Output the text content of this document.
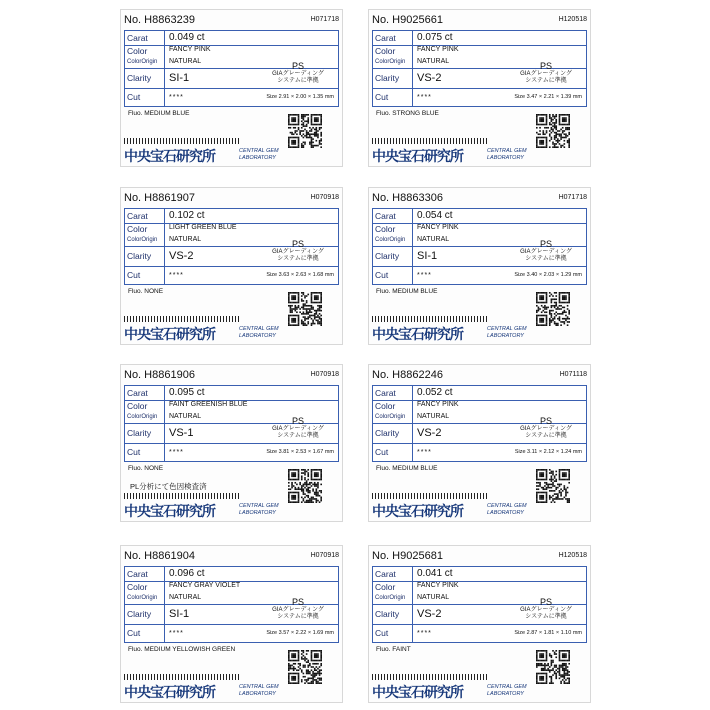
No. H8863239	H071718
Carat	0.049 ct
Color	FANCY PINK
ColorOrigin	NATURAL
Clarity	SI-1
Cut	****
PS
GIAグレーディング
システムに準拠
Size 2.91 × 2.00 × 1.35 mm
Fluo. MEDIUM BLUE
中央宝石研究所	CENTRAL GEM
LABORATORY
No. H9025661	H120518
Carat	0.075 ct
Color	FANCY PINK
ColorOrigin	NATURAL
Clarity	VS-2
Cut	****
PS
GIAグレーディング
システムに準拠
Size 3.47 × 2.21 × 1.39 mm
Fluo. STRONG BLUE
中央宝石研究所	CENTRAL GEM
LABORATORY
No. H8861907	H070918
Carat	0.102 ct
Color	LIGHT GREEN BLUE
ColorOrigin	NATURAL
Clarity	VS-2
Cut	****
PS
GIAグレーディング
システムに準拠
Size 3.63 × 2.63 × 1.68 mm
Fluo. NONE
中央宝石研究所	CENTRAL GEM
LABORATORY
No. H8863306	H071718
Carat	0.054 ct
Color	FANCY PINK
ColorOrigin	NATURAL
Clarity	SI-1
Cut	****
PS
GIAグレーディング
システムに準拠
Size 3.40 × 2.03 × 1.29 mm
Fluo. MEDIUM BLUE
中央宝石研究所	CENTRAL GEM
LABORATORY
No. H8861906	H070918
Carat	0.095 ct
Color	FAINT GREENISH BLUE
ColorOrigin	NATURAL
Clarity	VS-1
Cut	****
PS
GIAグレーディング
システムに準拠
Size 3.81 × 2.53 × 1.67 mm
Fluo. NONE
PL分析にて色因検査済
中央宝石研究所	CENTRAL GEM
LABORATORY
No. H8862246	H071118
Carat	0.052 ct
Color	FANCY PINK
ColorOrigin	NATURAL
Clarity	VS-2
Cut	****
PS
GIAグレーディング
システムに準拠
Size 3.11 × 2.12 × 1.24 mm
Fluo. MEDIUM BLUE
中央宝石研究所	CENTRAL GEM
LABORATORY
No. H8861904	H070918
Carat	0.096 ct
Color	FANCY GRAY VIOLET
ColorOrigin	NATURAL
Clarity	SI-1
Cut	****
PS
GIAグレーディング
システムに準拠
Size 3.57 × 2.22 × 1.69 mm
Fluo. MEDIUM YELLOWISH GREEN
中央宝石研究所	CENTRAL GEM
LABORATORY
No. H9025681	H120518
Carat	0.041 ct
Color	FANCY PINK
ColorOrigin	NATURAL
Clarity	VS-2
Cut	****
PS
GIAグレーディング
システムに準拠
Size 2.87 × 1.81 × 1.10 mm
Fluo. FAINT
中央宝石研究所	CENTRAL GEM
LABORATORY
